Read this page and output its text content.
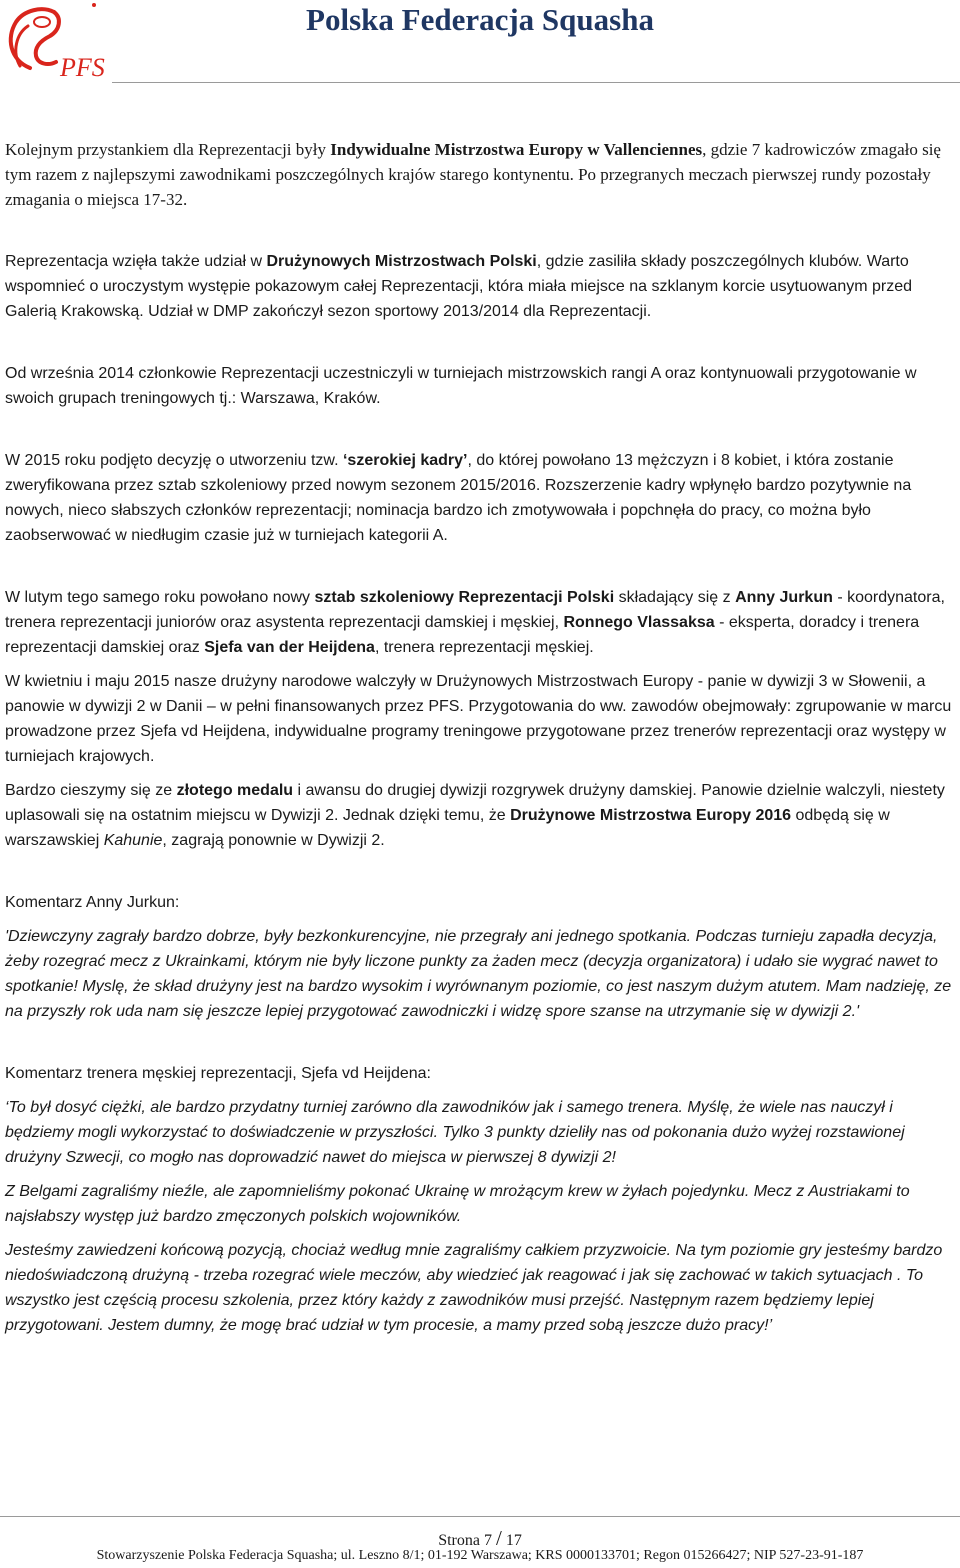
PFS
Polska Federacja Squasha

Kolejnym przystankiem dla Reprezentacji były Indywidualne Mistrzostwa Europy w Vallenciennes, gdzie 7 kadrowiczów zmagało się tym razem z najlepszymi zawodnikami poszczególnych krajów starego kontynentu. Po przegranych meczach pierwszej rundy pozostały zmagania o miejsca 17-32.

Reprezentacja wzięła także udział w Drużynowych Mistrzostwach Polski, gdzie zasiliła składy poszczególnych klubów. Warto wspomnieć o uroczystym występie pokazowym całej Reprezentacji, która miała miejsce na szklanym korcie usytuowanym przed Galerią Krakowską. Udział w DMP zakończył sezon sportowy 2013/2014 dla Reprezentacji.

Od września 2014 członkowie Reprezentacji uczestniczyli w turniejach mistrzowskich rangi A oraz kontynuowali przygotowanie w swoich grupach treningowych tj.: Warszawa, Kraków.

W 2015 roku podjęto decyzję o utworzeniu tzw. ‘szerokiej kadry’, do której powołano 13 mężczyzn i 8 kobiet, i która zostanie zweryfikowana przez sztab szkoleniowy przed nowym sezonem 2015/2016. Rozszerzenie kadry wpłynęło bardzo pozytywnie na nowych, nieco słabszych członków reprezentacji; nominacja bardzo ich zmotywowała i popchnęła do pracy, co można było zaobserwować w niedługim czasie już w turniejach kategorii A.

W lutym tego samego roku powołano nowy sztab szkoleniowy Reprezentacji Polski składający się z Anny Jurkun - koordynatora, trenera reprezentacji juniorów oraz asystenta reprezentacji damskiej i męskiej, Ronnego Vlassaksa - eksperta, doradcy i trenera reprezentacji damskiej oraz Sjefa van der Heijdena, trenera reprezentacji męskiej.

W kwietniu i maju 2015 nasze drużyny narodowe walczyły w Drużynowych Mistrzostwach Europy - panie w dywizji 3 w Słowenii, a panowie w dywizji 2 w Danii – w pełni finansowanych przez PFS. Przygotowania do ww. zawodów obejmowały: zgrupowanie w marcu prowadzone przez Sjefa vd Heijdena, indywidualne programy treningowe przygotowane przez trenerów reprezentacji oraz występy w turniejach krajowych.

Bardzo cieszymy się ze złotego medalu i awansu do drugiej dywizji rozgrywek drużyny damskiej. Panowie dzielnie walczyli, niestety uplasowali się na ostatnim miejscu w Dywizji 2. Jednak dzięki temu, że Drużynowe Mistrzostwa Europy 2016 odbędą się w warszawskiej Kahunie, zagrają ponownie w Dywizji 2.

Komentarz Anny Jurkun:

'Dziewczyny zagrały bardzo dobrze, były bezkonkurencyjne, nie przegrały ani jednego spotkania. Podczas turnieju zapadła decyzja, żeby rozegrać mecz z Ukrainkami, którym nie były liczone punkty za żaden mecz (decyzja organizatora) i udało sie wygrać nawet to spotkanie! Myslę, że skład drużyny jest na bardzo wysokim i wyrównanym poziomie, co jest naszym dużym atutem. Mam nadzieję, ze na przyszły rok uda nam się jeszcze lepiej przygotować zawodniczki i widzę spore szanse na utrzymanie się w dywizji 2.'

Komentarz trenera męskiej reprezentacji, Sjefa vd Heijdena:

‘To był dosyć ciężki, ale bardzo przydatny turniej zarówno dla zawodników jak i samego trenera. Myślę, że wiele nas nauczył i będziemy mogli wykorzystać to doświadczenie w przyszłości. Tylko 3 punkty dzieliły nas od pokonania dużo wyżej rozstawionej drużyny Szwecji, co mogło nas doprowadzić nawet do miejsca w pierwszej 8 dywizji 2!

Z Belgami zagraliśmy nieźle, ale zapomnieliśmy pokonać Ukrainę w mrożącym krew w żyłach pojedynku. Mecz z Austriakami to najsłabszy występ już bardzo zmęczonych polskich wojowników.

Jesteśmy zawiedzeni końcową pozycją, chociaż według mnie zagraliśmy całkiem przyzwoicie. Na tym poziomie gry jesteśmy bardzo niedoświadczoną drużyną - trzeba rozegrać wiele meczów, aby wiedzieć jak reagować i jak się zachować w takich sytuacjach . To wszystko jest częścią procesu szkolenia, przez który każdy z zawodników musi przejść. Następnym razem będziemy lepiej przygotowani. Jestem dumny, że mogę brać udział w tym procesie, a mamy przed sobą jeszcze dużo pracy!’

Strona 7 / 17
Stowarzyszenie Polska Federacja Squasha; ul. Leszno 8/1; 01-192 Warszawa; KRS 0000133701; Regon 015266427; NIP 527-23-91-187
